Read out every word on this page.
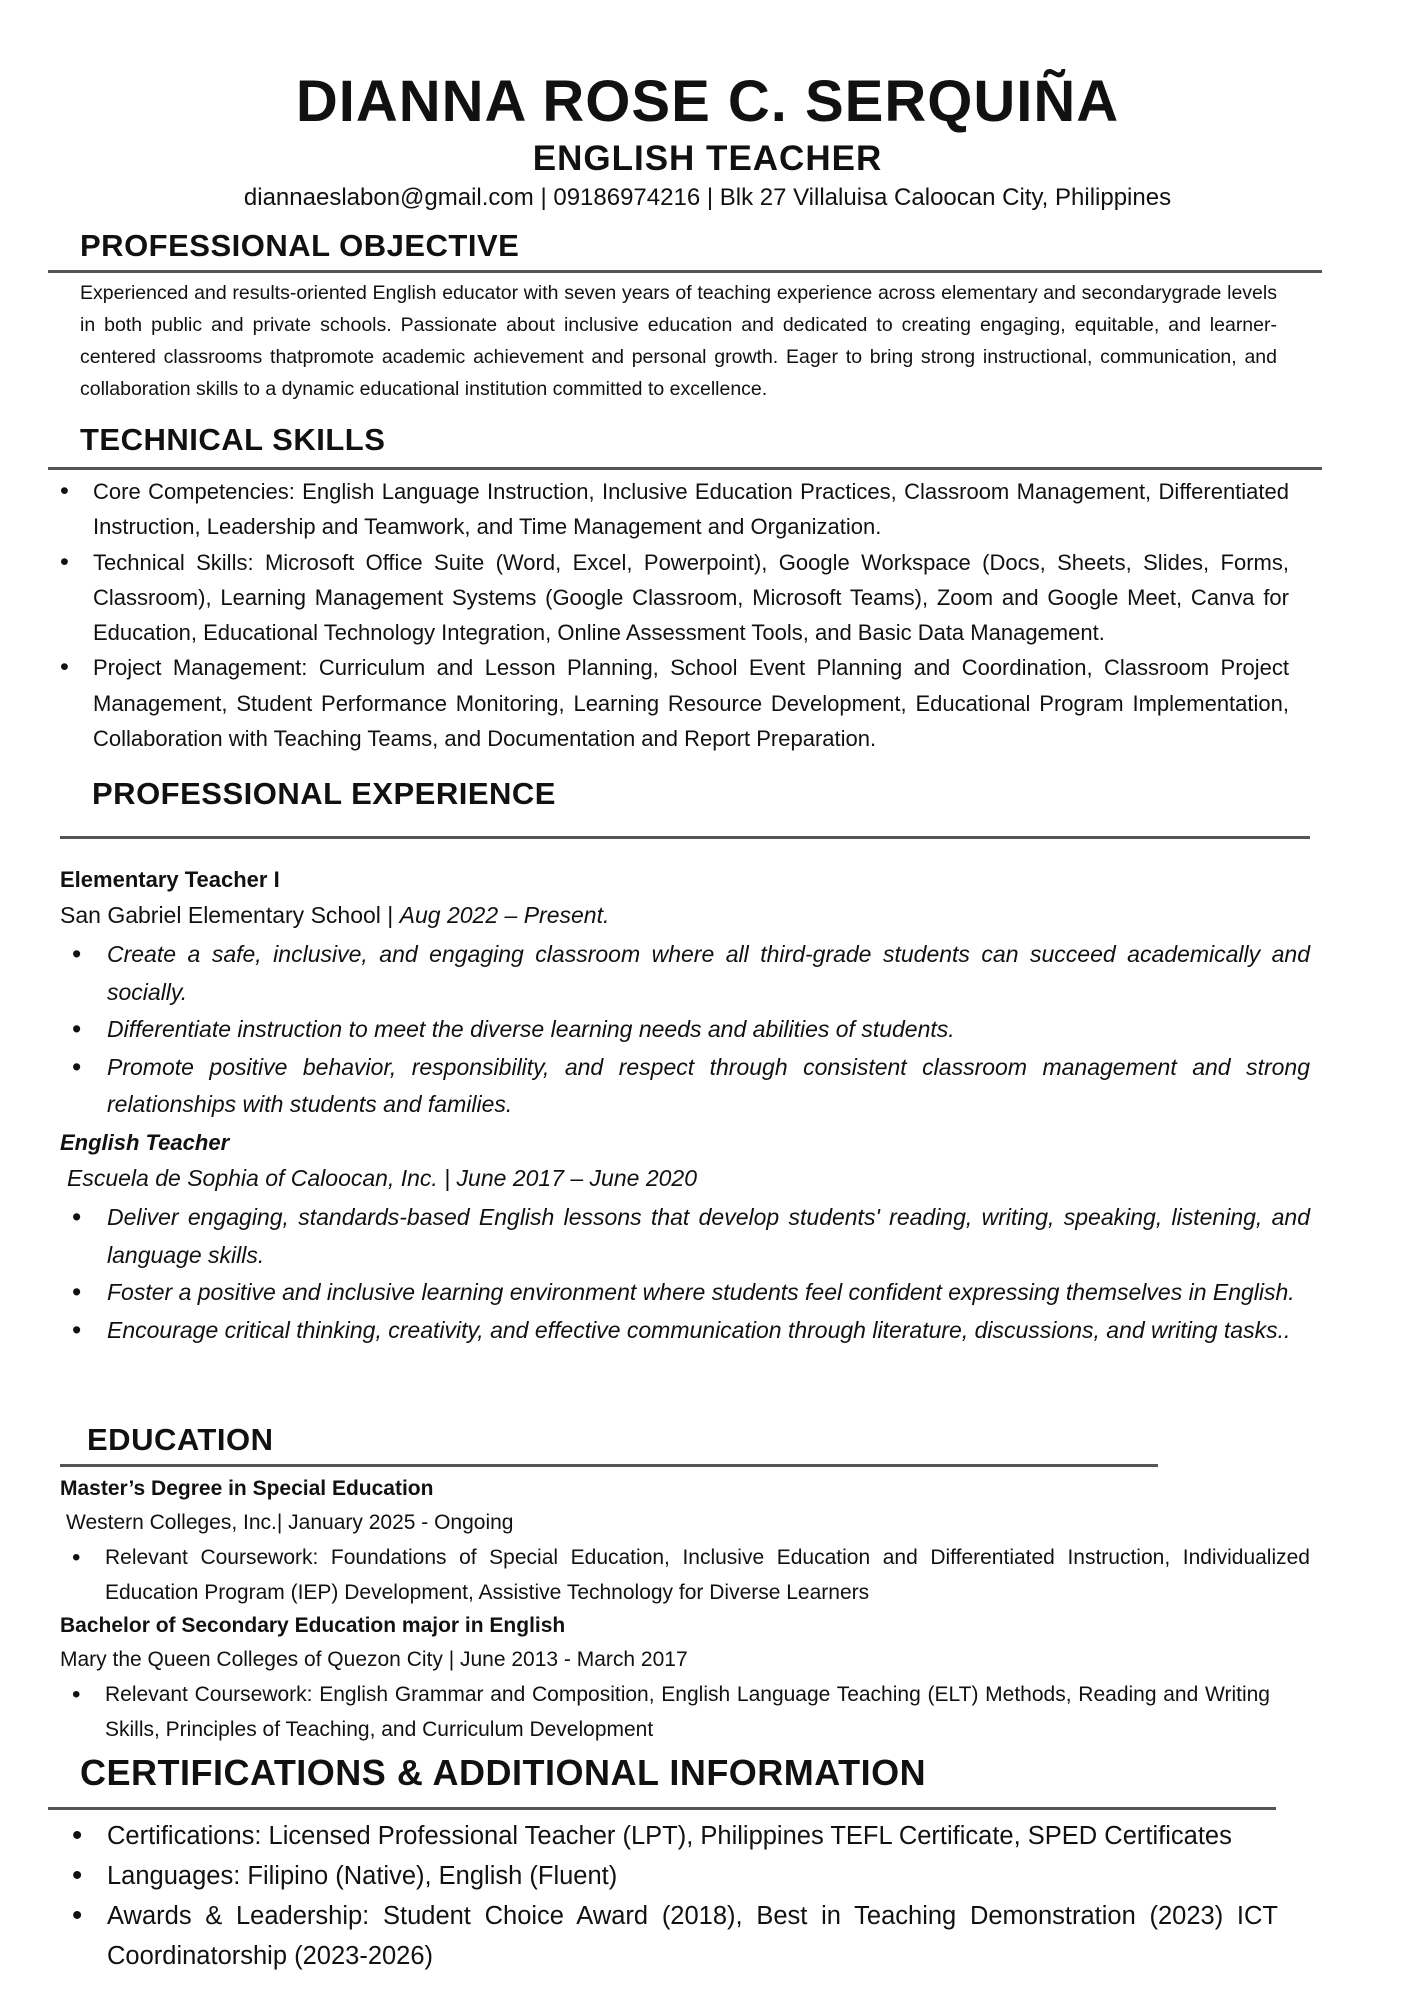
DIANNA ROSE C. SERQUIÑA
ENGLISH TEACHER
diannaeslabon@gmail.com | 09186974216 | Blk 27 Villaluisa Caloocan City, Philippines
PROFESSIONAL OBJECTIVE
Experienced and results-oriented English educator with seven years of teaching experience across elementary and secondarygrade levels in both public and private schools. Passionate about inclusive education and dedicated to creating engaging, equitable, and learner-centered classrooms thatpromote academic achievement and personal growth. Eager to bring strong instructional, communication, and collaboration skills to a dynamic educational institution committed to excellence.
TECHNICAL SKILLS
• Core Competencies: English Language Instruction, Inclusive Education Practices, Classroom Management, Differentiated Instruction, Leadership and Teamwork, and Time Management and Organization.
• Technical Skills: Microsoft Office Suite (Word, Excel, Powerpoint), Google Workspace (Docs, Sheets, Slides, Forms, Classroom), Learning Management Systems (Google Classroom, Microsoft Teams), Zoom and Google Meet, Canva for Education, Educational Technology Integration, Online Assessment Tools, and Basic Data Management.
• Project Management: Curriculum and Lesson Planning, School Event Planning and Coordination, Classroom Project Management, Student Performance Monitoring, Learning Resource Development, Educational Program Implementation, Collaboration with Teaching Teams, and Documentation and Report Preparation.
PROFESSIONAL EXPERIENCE
Elementary Teacher I
San Gabriel Elementary School | Aug 2022 – Present.
• Create a safe, inclusive, and engaging classroom where all third-grade students can succeed academically and socially.
• Differentiate instruction to meet the diverse learning needs and abilities of students.
• Promote positive behavior, responsibility, and respect through consistent classroom management and strong relationships with students and families.
English Teacher
Escuela de Sophia of Caloocan, Inc. | June 2017 – June 2020
• Deliver engaging, standards-based English lessons that develop students' reading, writing, speaking, listening, and language skills.
• Foster a positive and inclusive learning environment where students feel confident expressing themselves in English.
• Encourage critical thinking, creativity, and effective communication through literature, discussions, and writing tasks..
EDUCATION
Master’s Degree in Special Education
Western Colleges, Inc.| January 2025 - Ongoing
• Relevant Coursework: Foundations of Special Education, Inclusive Education and Differentiated Instruction, Individualized Education Program (IEP) Development, Assistive Technology for Diverse Learners
Bachelor of Secondary Education major in English
Mary the Queen Colleges of Quezon City | June 2013 - March 2017
• Relevant Coursework: English Grammar and Composition, English Language Teaching (ELT) Methods, Reading and Writing Skills, Principles of Teaching, and Curriculum Development
CERTIFICATIONS & ADDITIONAL INFORMATION
• Certifications: Licensed Professional Teacher (LPT), Philippines TEFL Certificate, SPED Certificates
• Languages: Filipino (Native), English (Fluent)
• Awards & Leadership: Student Choice Award (2018), Best in Teaching Demonstration (2023) ICT Coordinatorship (2023-2026)
